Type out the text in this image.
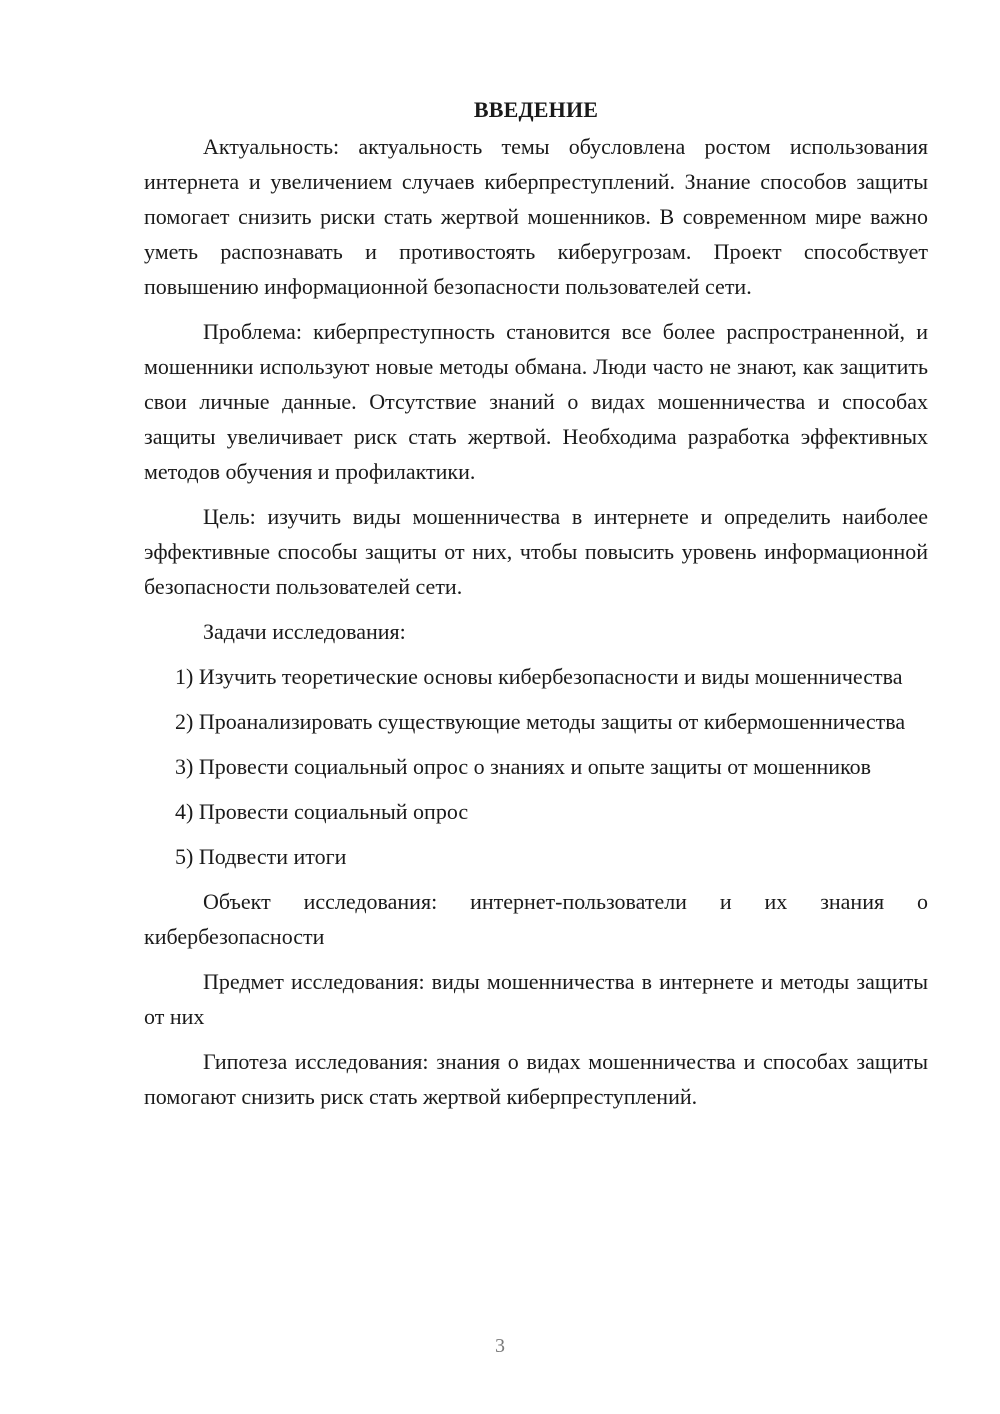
ВВЕДЕНИЕ

Актуальность: актуальность темы обусловлена ростом использования интернета и увеличением случаев киберпреступлений. Знание способов защиты помогает снизить риски стать жертвой мошенников. В современном мире важно уметь распознавать и противостоять киберугрозам. Проект способствует повышению информационной безопасности пользователей сети.

Проблема: киберпреступность становится все более распространенной, и мошенники используют новые методы обмана. Люди часто не знают, как защитить свои личные данные. Отсутствие знаний о видах мошенничества и способах защиты увеличивает риск стать жертвой. Необходима разработка эффективных методов обучения и профилактики.

Цель: изучить виды мошенничества в интернете и определить наиболее эффективные способы защиты от них, чтобы повысить уровень информационной безопасности пользователей сети.

Задачи исследования:

1) Изучить теоретические основы кибербезопасности и виды мошенничества

2) Проанализировать существующие методы защиты от кибермошенничества

3) Провести социальный опрос о знаниях и опыте защиты от мошенников

4) Провести социальный опрос

5) Подвести итоги

Объект исследования: интернет-пользователи и их знания о кибербезопасности

Предмет исследования: виды мошенничества в интернете и методы защиты от них

Гипотеза исследования: знания о видах мошенничества и способах защиты помогают снизить риск стать жертвой киберпреступлений.

3
